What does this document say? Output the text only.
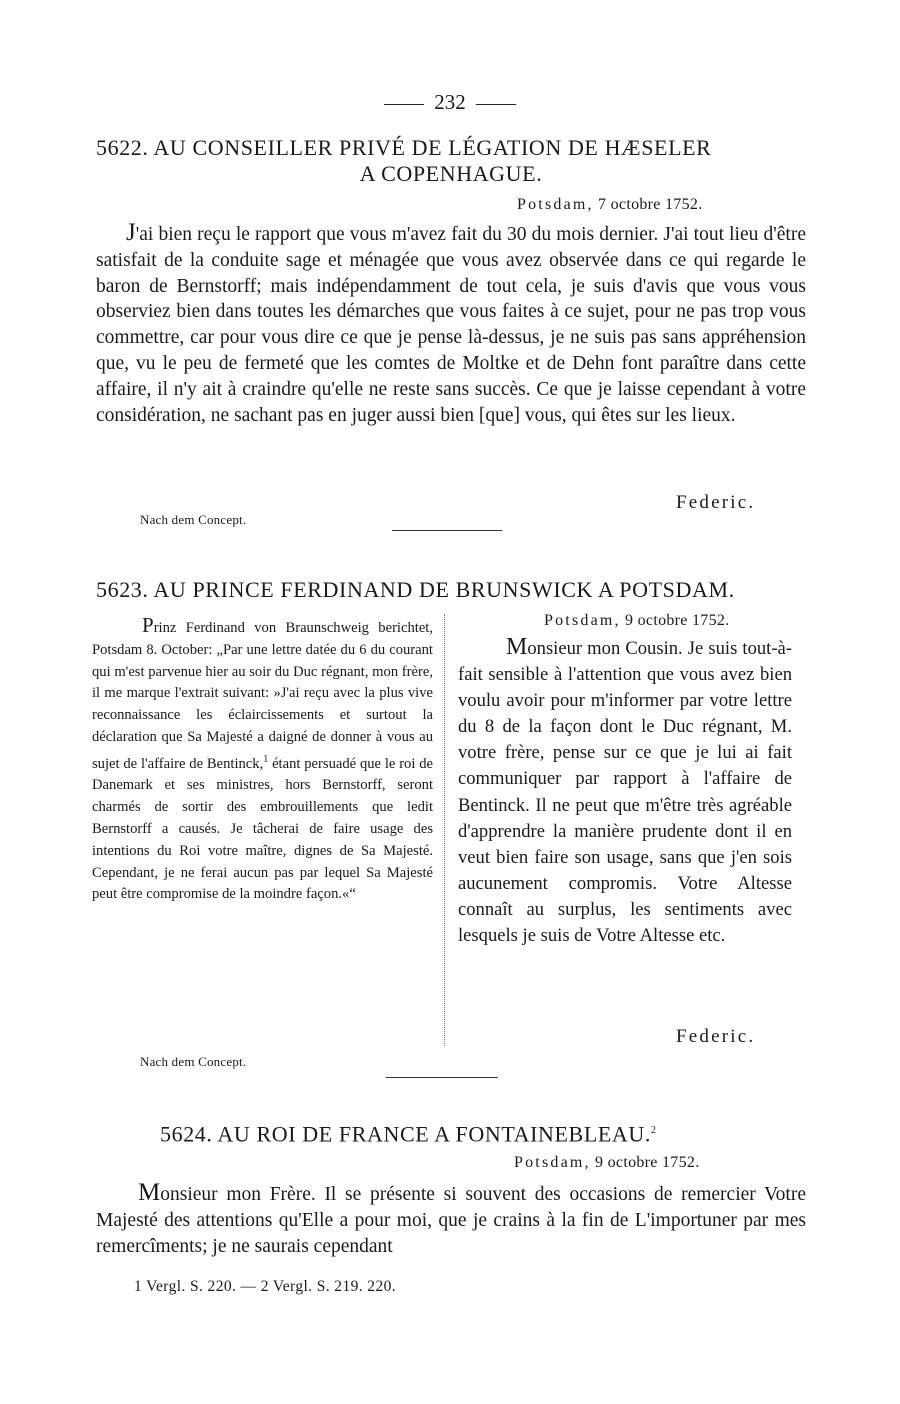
232
5622. AU CONSEILLER PRIVÉ DE LÉGATION DE HÆSELER
A COPENHAGUE.
Potsdam, 7 octobre 1752.

J'ai bien reçu le rapport que vous m'avez fait du 30 du mois dernier. J'ai tout lieu d'être satisfait de la conduite sage et ménagée que vous avez observée dans ce qui regarde le baron de Bernstorff; mais indépendamment de tout cela, je suis d'avis que vous vous observiez bien dans toutes les démarches que vous faites à ce sujet, pour ne pas trop vous commettre, car pour vous dire ce que je pense là-dessus, je ne suis pas sans appréhension que, vu le peu de fermeté que les comtes de Moltke et de Dehn font paraître dans cette affaire, il n'y ait à craindre qu'elle ne reste sans succès. Ce que je laisse cependant à votre considération, ne sachant pas en juger aussi bien [que] vous, qui êtes sur les lieux.

Federic.
Nach dem Concept.
5623. AU PRINCE FERDINAND DE BRUNSWICK A POTSDAM.

Prinz Ferdinand von Braunschweig berichtet, Potsdam 8. October: „Par une lettre datée du 6 du courant qui m'est parvenue hier au soir du Duc régnant, mon frère, il me marque l'extrait suivant: »J'ai reçu avec la plus vive reconnaissance les éclaircissements et surtout la déclaration que Sa Majesté a daigné de donner à vous au sujet de l'affaire de Bentinck,$^1$ étant persuadé que le roi de Danemark et ses ministres, hors Bernstorff, seront charmés de sortir des embrouillements que ledit Bernstorff a causés. Je tâcherai de faire usage des intentions du Roi votre maître, dignes de Sa Majesté. Cependant, je ne ferai aucun pas par lequel Sa Majesté peut être compromise de la moindre façon.«“

Potsdam, 9 octobre 1752.

Monsieur mon Cousin. Je suis tout-à-fait sensible à l'attention que vous avez bien voulu avoir pour m'informer par votre lettre du 8 de la façon dont le Duc régnant, M. votre frère, pense sur ce que je lui ai fait communiquer par rapport à l'affaire de Bentinck. Il ne peut que m'être très agréable d'apprendre la manière prudente dont il en veut bien faire son usage, sans que j'en sois aucunement compromis. Votre Altesse connaît au surplus, les sentiments avec lesquels je suis de Votre Altesse etc.

Federic.
Nach dem Concept.
5624. AU ROI DE FRANCE A FONTAINEBLEAU.$^2$
Potsdam, 9 octobre 1752.

Monsieur mon Frère. Il se présente si souvent des occasions de remercier Votre Majesté des attentions qu'Elle a pour moi, que je crains à la fin de L'importuner par mes remercîments; je ne saurais cependant

1 Vergl. S. 220. — 2 Vergl. S. 219. 220.
